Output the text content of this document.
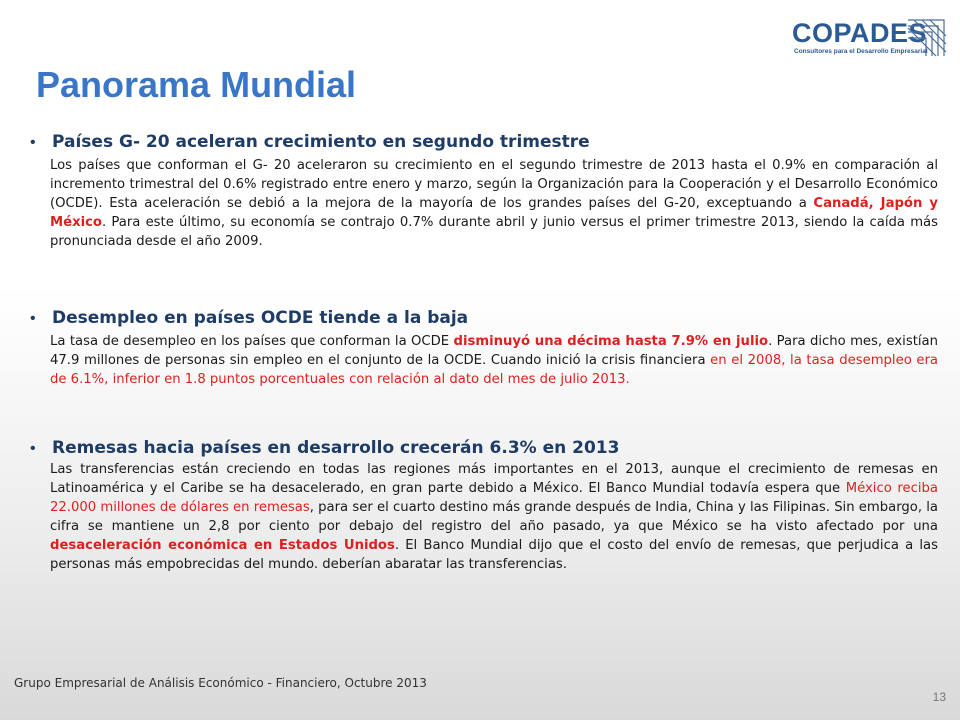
COPADES
Consultores para el Desarrollo Empresarial
Panorama Mundial
• Países G- 20 aceleran crecimiento en segundo trimestre
Los países que conforman el G- 20 aceleraron su crecimiento en el segundo trimestre de 2013 hasta el 0.9% en comparación al incremento trimestral del 0.6% registrado entre enero y marzo, según la Organización para la Cooperación y el Desarrollo Económico (OCDE). Esta aceleración se debió a la mejora de la mayoría de los grandes países del G-20, exceptuando a Canadá, Japón y México. Para este último, su economía se contrajo 0.7% durante abril y junio versus el primer trimestre 2013, siendo la caída más pronunciada desde el año 2009.
• Desempleo en países OCDE tiende a la baja
La tasa de desempleo en los países que conforman la OCDE disminuyó una décima hasta 7.9% en julio. Para dicho mes, existían 47.9 millones de personas sin empleo en el conjunto de la OCDE. Cuando inició la crisis financiera en el 2008, la tasa desempleo era de 6.1%, inferior en 1.8 puntos porcentuales con relación al dato del mes de julio 2013.
• Remesas hacia países en desarrollo crecerán 6.3% en 2013
Las transferencias están creciendo en todas las regiones más importantes en el 2013, aunque el crecimiento de remesas en Latinoamérica y el Caribe se ha desacelerado, en gran parte debido a México. El Banco Mundial todavía espera que México reciba 22.000 millones de dólares en remesas, para ser el cuarto destino más grande después de India, China y las Filipinas. Sin embargo, la cifra se mantiene un 2,8 por ciento por debajo del registro del año pasado, ya que México se ha visto afectado por una desaceleración económica en Estados Unidos. El Banco Mundial dijo que el costo del envío de remesas, que perjudica a las personas más empobrecidas del mundo. deberían abaratar las transferencias.
Grupo Empresarial de Análisis Económico - Financiero, Octubre 2013
13
